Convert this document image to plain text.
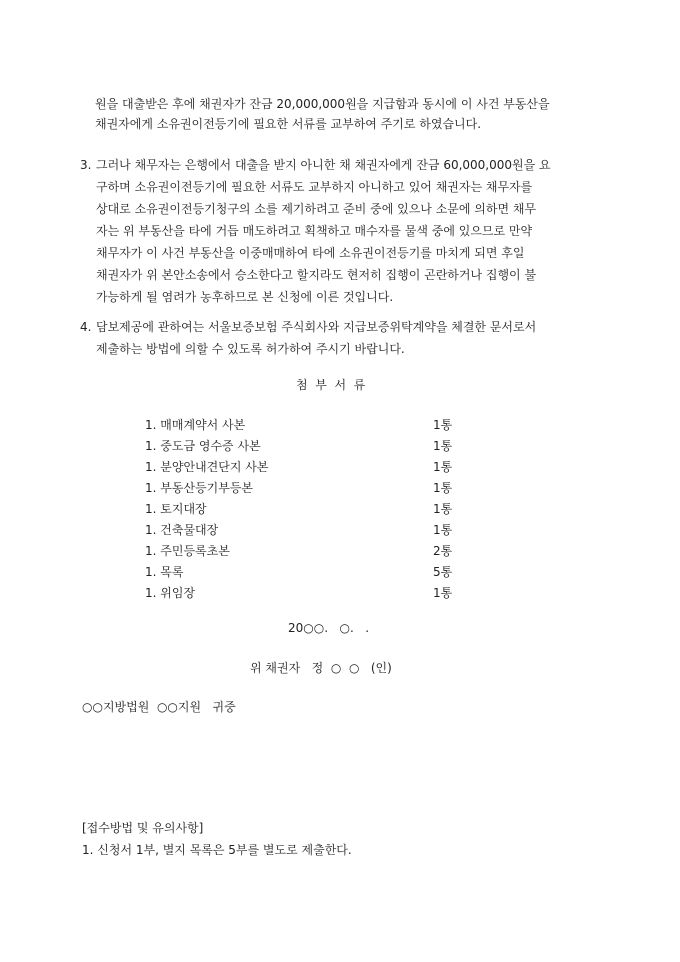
원을 대출받은 후에 채권자가 잔금 20,000,000원을 지급함과 동시에 이 사건 부동산을
채권자에게 소유권이전등기에 필요한 서류를 교부하여 주기로 하였습니다.
3. 그러나 채무자는 은행에서 대출을 받지 아니한 채 채권자에게 잔금 60,000,000원을 요
구하며 소유권이전등기에 필요한 서류도 교부하지 아니하고 있어 채권자는 채무자를
상대로 소유권이전등기청구의 소를 제기하려고 준비 중에 있으나 소문에 의하면 채무
자는 위 부동산을 타에 거듭 매도하려고 획책하고 매수자를 물색 중에 있으므로 만약
채무자가 이 사건 부동산을 이중매매하여 타에 소유권이전등기를 마치게 되면 후일
채권자가 위 본안소송에서 승소한다고 할지라도 현저히 집행이 곤란하거나 집행이 불
가능하게 될 염려가 농후하므로 본 신청에 이른 것입니다.
4. 담보제공에 관하여는 서울보증보험 주식회사와 지급보증위탁계약을 체결한 문서로서
제출하는 방법에 의할 수 있도록 허가하여 주시기 바랍니다.
첨  부  서  류
1. 매매계약서 사본	1통
1. 중도금 영수증 사본	1통
1. 분양안내견단지 사본	1통
1. 부동산등기부등본	1통
1. 토지대장	1통
1. 건축물대장	1통
1. 주민등록초본	2통
1. 목록	5통
1. 위임장	1통
20○○.   ○.   .
위 채권자   정  ○  ○   (인)
○○지방법원  ○○지원   귀중
[접수방법 및 유의사항]
1. 신청서 1부, 별지 목록은 5부를 별도로 제출한다.
